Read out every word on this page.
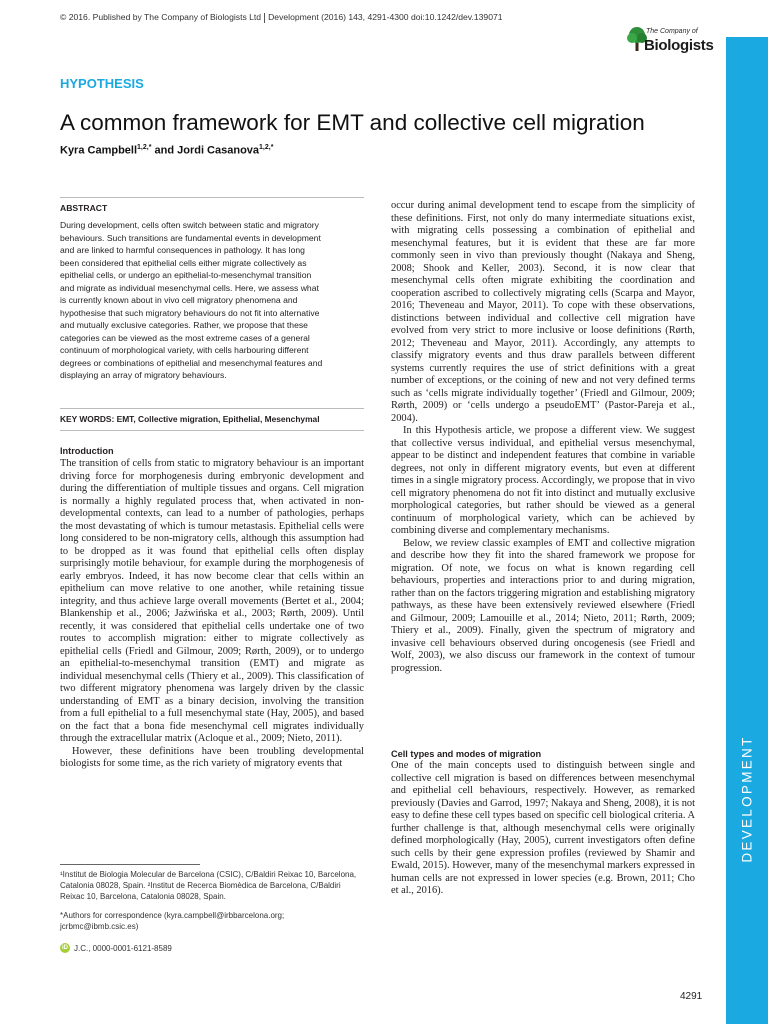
© 2016. Published by The Company of Biologists Ltd Development (2016) 143, 4291-4300 doi:10.1242/dev.139071
The Company of
Biologists
DEVELOPMENT
HYPOTHESIS
A common framework for EMT and collective cell migration
Kyra Campbell$^{1,2,*}$ and Jordi Casanova$^{1,2,*}$
ABSTRACT
During development, cells often switch between static and migratory
behaviours. Such transitions are fundamental events in development
and are linked to harmful consequences in pathology. It has long
been considered that epithelial cells either migrate collectively as
epithelial cells, or undergo an epithelial-to-mesenchymal transition
and migrate as individual mesenchymal cells. Here, we assess what
is currently known about in vivo cell migratory phenomena and
hypothesise that such migratory behaviours do not fit into alternative
and mutually exclusive categories. Rather, we propose that these
categories can be viewed as the most extreme cases of a general
continuum of morphological variety, with cells harbouring different
degrees or combinations of epithelial and mesenchymal features and
displaying an array of migratory behaviours.
KEY WORDS: EMT, Collective migration, Epithelial, Mesenchymal
Introduction

The transition of cells from static to migratory behaviour is an important driving force for morphogenesis during embryonic development and during the differentiation of multiple tissues and organs. Cell migration is normally a highly regulated process that, when activated in non-developmental contexts, can lead to a number of pathologies, perhaps the most devastating of which is tumour metastasis. Epithelial cells were long considered to be non-migratory cells, although this assumption had to be dropped as it was found that epithelial cells often display surprisingly motile behaviour, for example during the morphogenesis of early embryos. Indeed, it has now become clear that cells within an epithelium can move relative to one another, while retaining tissue integrity, and thus achieve large overall movements (Bertet et al., 2004; Blankenship et al., 2006; Jaźwińska et al., 2003; Rørth, 2009). Until recently, it was considered that epithelial cells undertake one of two routes to accomplish migration: either to migrate collectively as epithelial cells (Friedl and Gilmour, 2009; Rørth, 2009), or to undergo an epithelial-to-mesenchymal transition (EMT) and migrate as individual mesenchymal cells (Thiery et al., 2009). This classification of two different migratory phenomena was largely driven by the classic understanding of EMT as a binary decision, involving the transition from a full epithelial to a full mesenchymal state (Hay, 2005), and based on the fact that a bona fide mesenchymal cell migrates individually through the extracellular matrix (Acloque et al., 2009; Nieto, 2011).

However, these definitions have been troubling developmental biologists for some time, as the rich variety of migratory events that

¹Institut de Biologia Molecular de Barcelona (CSIC), C/Baldiri Reixac 10, Barcelona, Catalonia 08028, Spain. ²Institut de Recerca Biomèdica de Barcelona, C/Baldiri Reixac 10, Barcelona, Catalonia 08028, Spain.

*Authors for correspondence (kyra.campbell@irbbarcelona.org; jcrbmc@ibmb.csic.es)

iD J.C., 0000-0001-6121-8589

occur during animal development tend to escape from the simplicity of these definitions. First, not only do many intermediate situations exist, with migrating cells possessing a combination of epithelial and mesenchymal features, but it is evident that these are far more commonly seen in vivo than previously thought (Nakaya and Sheng, 2008; Shook and Keller, 2003). Second, it is now clear that mesenchymal cells often migrate exhibiting the coordination and cooperation ascribed to collectively migrating cells (Scarpa and Mayor, 2016; Theveneau and Mayor, 2011). To cope with these observations, distinctions between individual and collective cell migration have evolved from very strict to more inclusive or loose definitions (Rørth, 2012; Theveneau and Mayor, 2011). Accordingly, any attempts to classify migratory events and thus draw parallels between different systems currently requires the use of strict definitions with a great number of exceptions, or the coining of new and not very defined terms such as ‘cells migrate individually together’ (Friedl and Gilmour, 2009; Rørth, 2009) or ‘cells undergo a pseudoEMT’ (Pastor-Pareja et al., 2004).

In this Hypothesis article, we propose a different view. We suggest that collective versus individual, and epithelial versus mesenchymal, appear to be distinct and independent features that combine in variable degrees, not only in different migratory events, but even at different times in a single migratory process. Accordingly, we propose that in vivo cell migratory phenomena do not fit into distinct and mutually exclusive morphological categories, but rather should be viewed as a general continuum of morphological variety, which can be achieved by combining diverse and complementary mechanisms.

Below, we review classic examples of EMT and collective migration and describe how they fit into the shared framework we propose for migration. Of note, we focus on what is known regarding cell behaviours, properties and interactions prior to and during migration, rather than on the factors triggering migration and establishing migratory pathways, as these have been extensively reviewed elsewhere (Friedl and Gilmour, 2009; Lamouille et al., 2014; Nieto, 2011; Rørth, 2009; Thiery et al., 2009). Finally, given the spectrum of migratory and invasive cell behaviours observed during oncogenesis (see Friedl and Wolf, 2003), we also discuss our framework in the context of tumour progression.

Cell types and modes of migration

One of the main concepts used to distinguish between single and collective cell migration is based on differences between mesenchymal and epithelial cell behaviours, respectively. However, as remarked previously (Davies and Garrod, 1997; Nakaya and Sheng, 2008), it is not easy to define these cell types based on specific cell biological criteria. A further challenge is that, although mesenchymal cells were originally defined morphologically (Hay, 2005), current investigators often define such cells by their gene expression profiles (reviewed by Shamir and Ewald, 2015). However, many of the mesenchymal markers expressed in human cells are not expressed in lower species (e.g. Brown, 2011; Cho et al., 2016).

4291
